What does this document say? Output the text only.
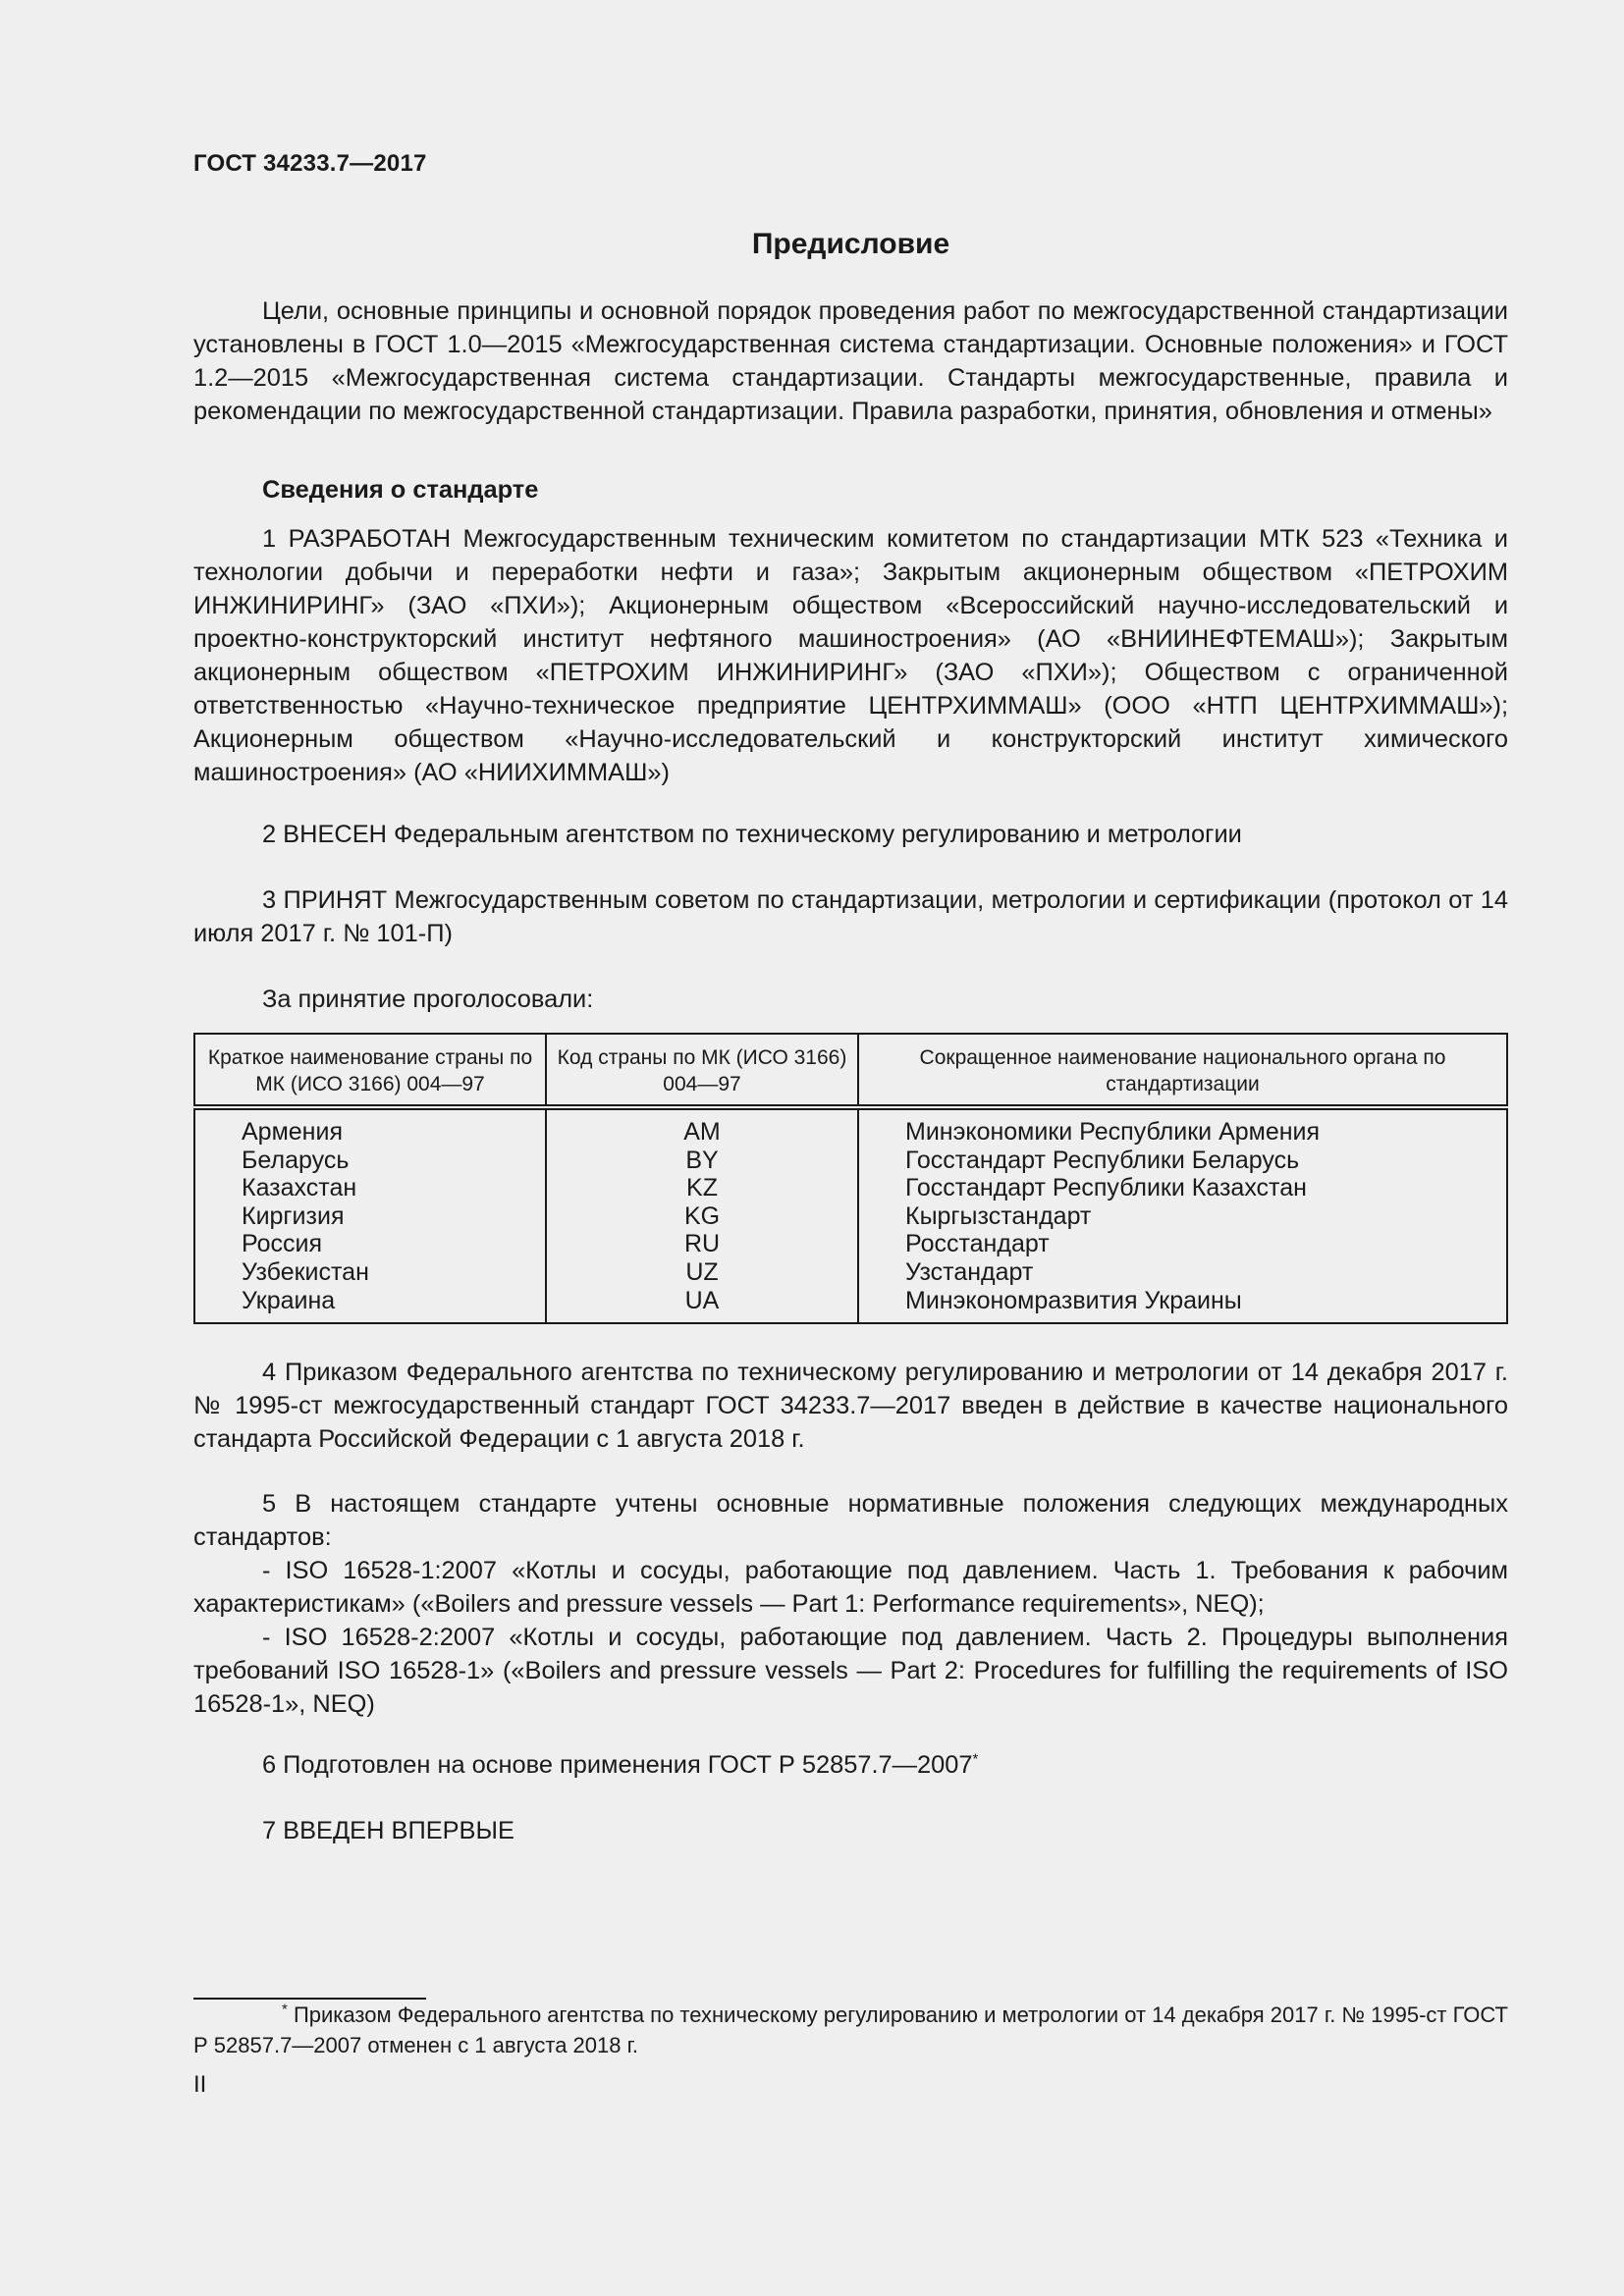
ГОСТ 34233.7—2017
Предисловие

Цели, основные принципы и основной порядок проведения работ по межгосударственной стандартизации установлены в ГОСТ 1.0—2015 «Межгосударственная система стандартизации. Основные положения» и ГОСТ 1.2—2015 «Межгосударственная система стандартизации. Стандарты межгосударственные, правила и рекомендации по межгосударственной стандартизации. Правила разработки, принятия, обновления и отмены»

Сведения о стандарте

1 РАЗРАБОТАН Межгосударственным техническим комитетом по стандартизации МТК 523 «Техника и технологии добычи и переработки нефти и газа»; Закрытым акционерным обществом «ПЕТРОХИМ ИНЖИНИРИНГ» (ЗАО «ПХИ»); Акционерным обществом «Всероссийский научно-исследовательский и проектно-конструкторский институт нефтяного машиностроения» (АО «ВНИИНЕФТЕМАШ»); Закрытым акционерным обществом «ПЕТРОХИМ ИНЖИНИРИНГ» (ЗАО «ПХИ»); Обществом с ограниченной ответственностью «Научно-техническое предприятие ЦЕНТРХИММАШ» (ООО «НТП ЦЕНТРХИММАШ»); Акционерным обществом «Научно-исследовательский и конструкторский институт химического машиностроения» (АО «НИИХИММАШ»)

2 ВНЕСЕН Федеральным агентством по техническому регулированию и метрологии

3 ПРИНЯТ Межгосударственным советом по стандартизации, метрологии и сертификации (протокол от 14 июля 2017 г. № 101-П)

За принятие проголосовали:

Краткое наименование страны по МК (ИСО 3166) 004—97	Код страны по МК (ИСО 3166) 004—97	Сокращенное наименование национального органа по стандартизации
Армения	AM	Минэкономики Республики Армения
Беларусь	BY	Госстандарт Республики Беларусь
Казахстан	KZ	Госстандарт Республики Казахстан
Киргизия	KG	Кыргызстандарт
Россия	RU	Росстандарт
Узбекистан	UZ	Узстандарт
Украина	UA	Минэкономразвития Украины

4 Приказом Федерального агентства по техническому регулированию и метрологии от 14 декабря 2017 г. № 1995-ст межгосударственный стандарт ГОСТ 34233.7—2017 введен в действие в качестве национального стандарта Российской Федерации с 1 августа 2018 г.

5 В настоящем стандарте учтены основные нормативные положения следующих международных стандартов:

- ISO 16528-1:2007 «Котлы и сосуды, работающие под давлением. Часть 1. Требования к рабочим характеристикам» («Boilers and pressure vessels — Part 1: Performance requirements», NEQ);

- ISO 16528-2:2007 «Котлы и сосуды, работающие под давлением. Часть 2. Процедуры выполнения требований ISO 16528-1» («Boilers and pressure vessels — Part 2: Procedures for fulfilling the requirements of ISO 16528-1», NEQ)

6 Подготовлен на основе применения ГОСТ Р 52857.7—2007*

7 ВВЕДЕН ВПЕРВЫЕ

* Приказом Федерального агентства по техническому регулированию и метрологии от 14 декабря 2017 г. № 1995-ст ГОСТ Р 52857.7—2007 отменен с 1 августа 2018 г.

II
